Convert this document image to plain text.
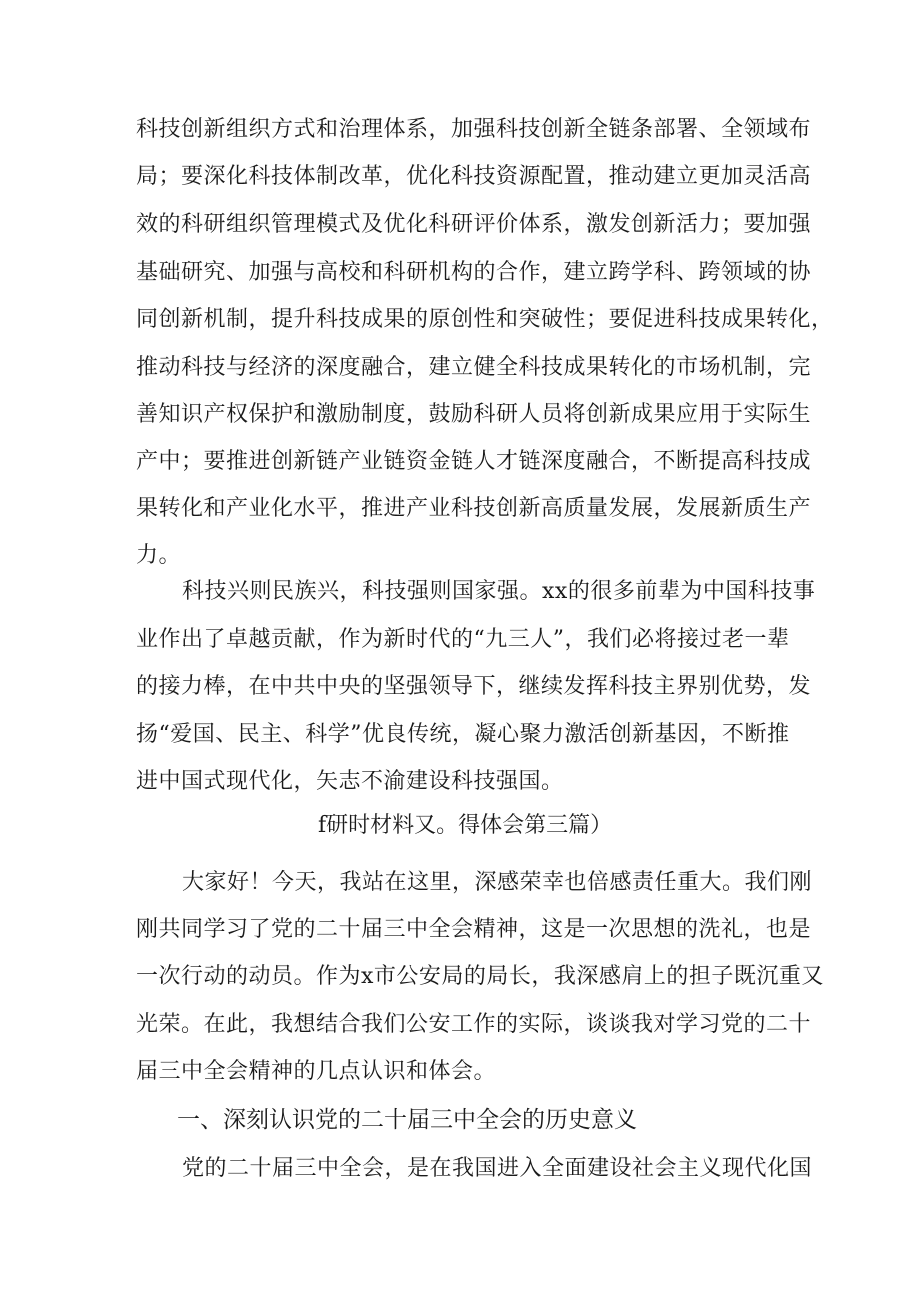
科技创新组织方式和治理体系，加强科技创新全链条部署、全领域布
局；要深化科技体制改革，优化科技资源配置，推动建立更加灵活高
效的科研组织管理模式及优化科研评价体系，激发创新活力；要加强
基础研究、加强与高校和科研机构的合作，建立跨学科、跨领域的协
同创新机制，提升科技成果的原创性和突破性；要促进科技成果转化，
推动科技与经济的深度融合，建立健全科技成果转化的市场机制，完
善知识产权保护和激励制度，鼓励科研人员将创新成果应用于实际生
产中；要推进创新链产业链资金链人才链深度融合，不断提高科技成
果转化和产业化水平，推进产业科技创新高质量发展，发展新质生产
力。
科技兴则民族兴，科技强则国家强。xx的很多前辈为中国科技事
业作出了卓越贡献，作为新时代的“九三人”，我们必将接过老一辈
的接力棒，在中共中央的坚强领导下，继续发挥科技主界别优势，发
扬“爱国、民主、科学”优良传统，凝心聚力激活创新基因，不断推
进中国式现代化，矢志不渝建设科技强国。
f研时材料又。得体会第三篇）
大家好！今天，我站在这里，深感荣幸也倍感责任重大。我们刚
刚共同学习了党的二十届三中全会精神，这是一次思想的洗礼，也是
一次行动的动员。作为x市公安局的局长，我深感肩上的担子既沉重又
光荣。在此，我想结合我们公安工作的实际，谈谈我对学习党的二十
届三中全会精神的几点认识和体会。
一、深刻认识党的二十届三中全会的历史意义
党的二十届三中全会，是在我国进入全面建设社会主义现代化国
